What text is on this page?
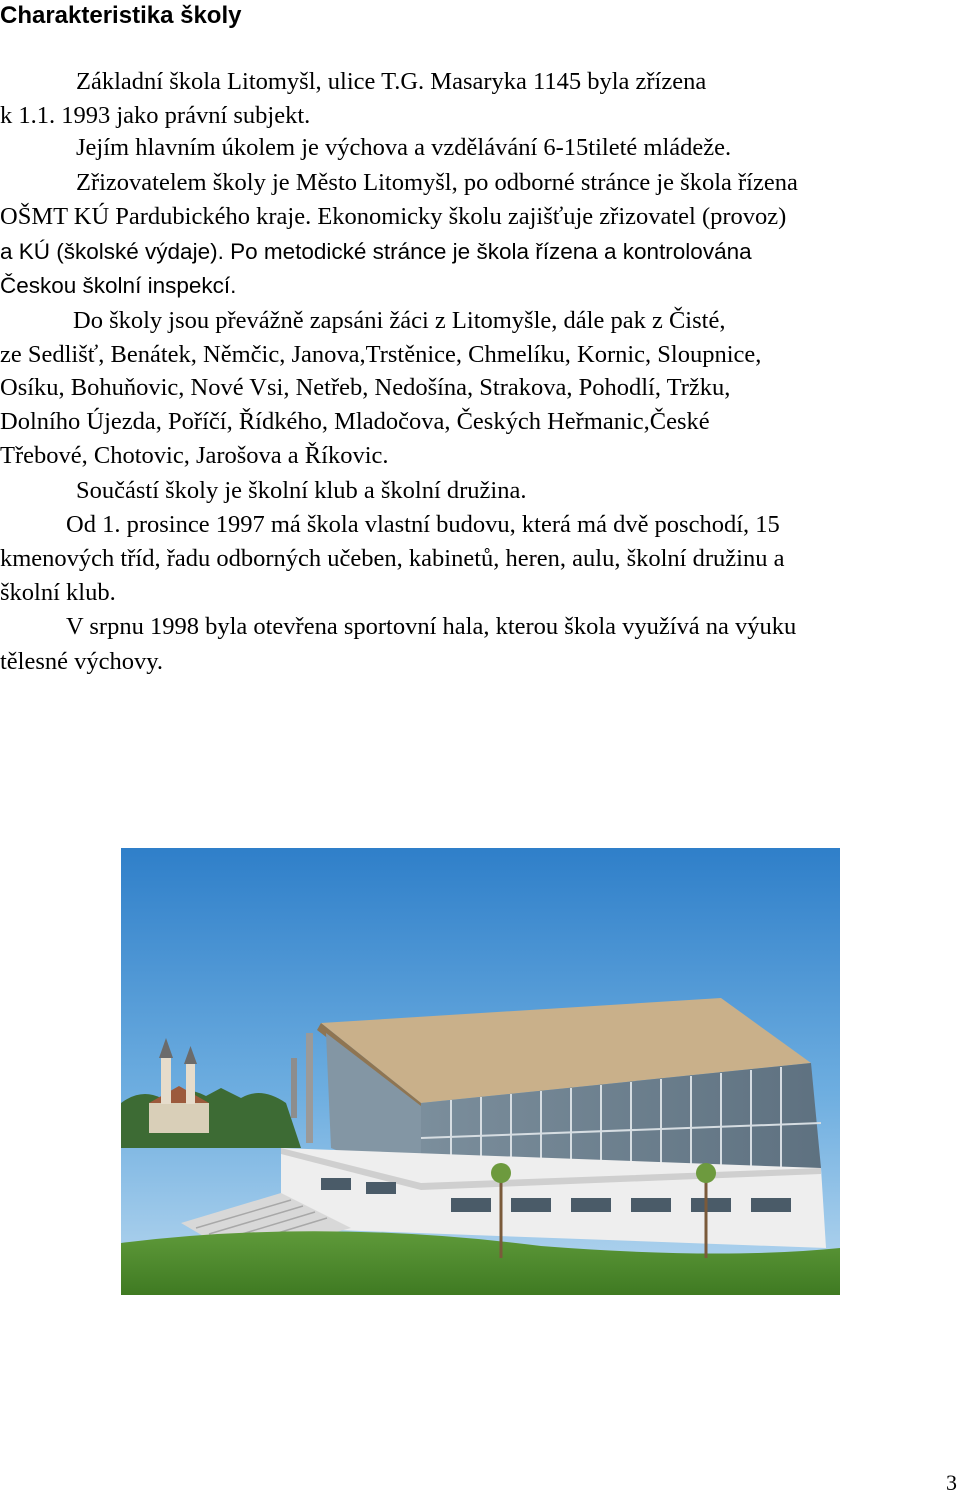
Charakteristika školy
Základní škola Litomyšl, ulice T.G. Masaryka 1145 byla zřízena
k 1.1. 1993 jako právní subjekt.
Jejím hlavním úkolem je výchova a vzdělávání 6-15tileté mládeže.
Zřizovatelem školy je Město Litomyšl, po odborné stránce je škola řízena
OŠMT KÚ Pardubického kraje. Ekonomicky školu zajišťuje zřizovatel (provoz)
a KÚ (školské výdaje). Po metodické stránce je škola řízena a kontrolována
Českou školní inspekcí.
Do školy jsou převážně zapsáni žáci z Litomyšle, dále pak z Čisté,
ze Sedlišť, Benátek, Němčic, Janova,Trstěnice, Chmelíku, Kornic, Sloupnice,
Osíku, Bohuňovic, Nové Vsi, Netřeb, Nedošína, Strakova, Pohodlí, Tržku,
Dolního Újezda, Poříčí, Řídkého, Mladočova, Českých Heřmanic,České
Třebové, Chotovic, Jarošova a Říkovic.
Součástí školy je školní klub a školní družina.
Od 1. prosince 1997 má škola vlastní budovu, která má dvě poschodí, 15
kmenových tříd, řadu odborných učeben, kabinetů, heren, aulu, školní družinu a
školní klub.
V srpnu 1998 byla otevřena sportovní hala, kterou škola využívá na výuku
tělesné výchovy.
3
